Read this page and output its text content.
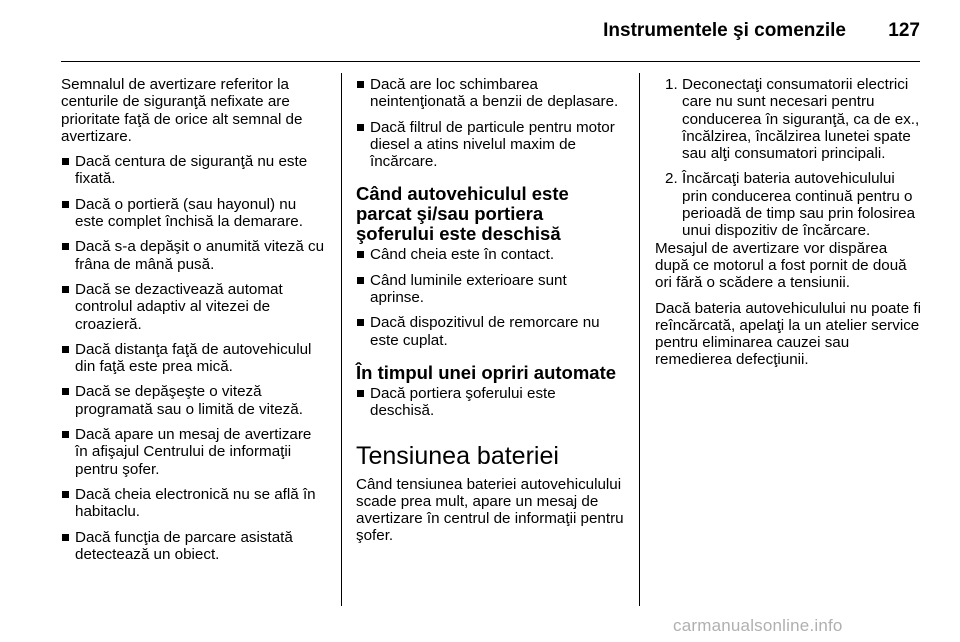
Instrumentele şi comenzile	127

Semnalul de avertizare referitor la centurile de siguranţă nefixate are prioritate faţă de orice alt semnal de avertizare.

Dacă centura de siguranţă nu este fixată.
Dacă o portieră (sau hayonul) nu este complet închisă la demarare.
Dacă s-a depăşit o anumită viteză cu frâna de mână pusă.
Dacă se dezactivează automat controlul adaptiv al vitezei de croazieră.
Dacă distanţa faţă de autovehiculul din faţă este prea mică.
Dacă se depăşeşte o viteză programată sau o limită de viteză.
Dacă apare un mesaj de avertizare în afişajul Centrului de informaţii pentru şofer.
Dacă cheia electronică nu se află în habitaclu.
Dacă funcţia de parcare asistată detectează un obiect.
Dacă are loc schimbarea neintenţionată a benzii de deplasare.
Dacă filtrul de particule pentru motor diesel a atins nivelul maxim de încărcare.
Când autovehiculul este parcat şi/sau portiera şoferului este deschisă
Când cheia este în contact.
Când luminile exterioare sunt aprinse.
Dacă dispozitivul de remorcare nu este cuplat.
În timpul unei opriri automate
Dacă portiera şoferului este deschisă.
Tensiunea bateriei

Când tensiunea bateriei autovehiculului scade prea mult, apare un mesaj de avertizare în centrul de informaţii pentru şofer.

1. Deconectaţi consumatorii electrici care nu sunt necesari pentru conducerea în siguranţă, ca de ex., încălzirea, încălzirea lunetei spate sau alţi consumatori principali.
2. Încărcaţi bateria autovehiculului prin conducerea continuă pentru o perioadă de timp sau prin folosirea unui dispozitiv de încărcare.

Mesajul de avertizare vor dispărea după ce motorul a fost pornit de două ori fără o scădere a tensiunii.

Dacă bateria autovehiculului nu poate fi reîncărcată, apelaţi la un atelier service pentru eliminarea cauzei sau remedierea defecţiunii.

carmanualsonline.info
